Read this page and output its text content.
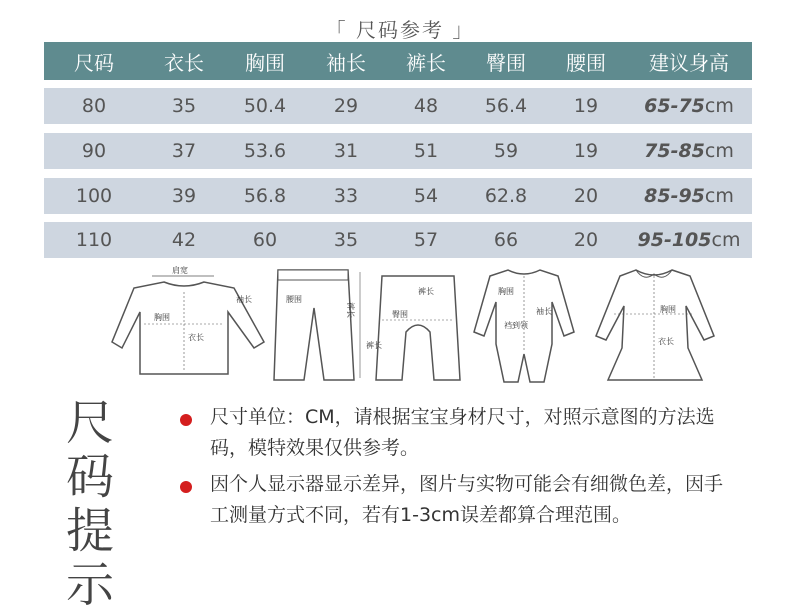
「 尺码参考 」
尺码	衣长	胸围	袖长	裤长	臀围	腰围	建议身高
80	35	50.4	29	48	56.4	19	65-75cm
90	37	53.6	31	51	59	19	75-85cm
100	39	56.8	33	54	62.8	20	85-95cm
110	42	60	35	57	66	20	95-105cm
肩宽
袖长
胸围
衣长
腰围
裤长	臀围
裤长
裤长
胸围
袖长
裆到领
胸围
衣长
尺码
提示
尺寸单位：CM，请根据宝宝身材尺寸，对照示意图的方法选码，模特效果仅供参考。
因个人显示器显示差异，图片与实物可能会有细微色差，因手工测量方式不同，若有1-3cm误差都算合理范围。
